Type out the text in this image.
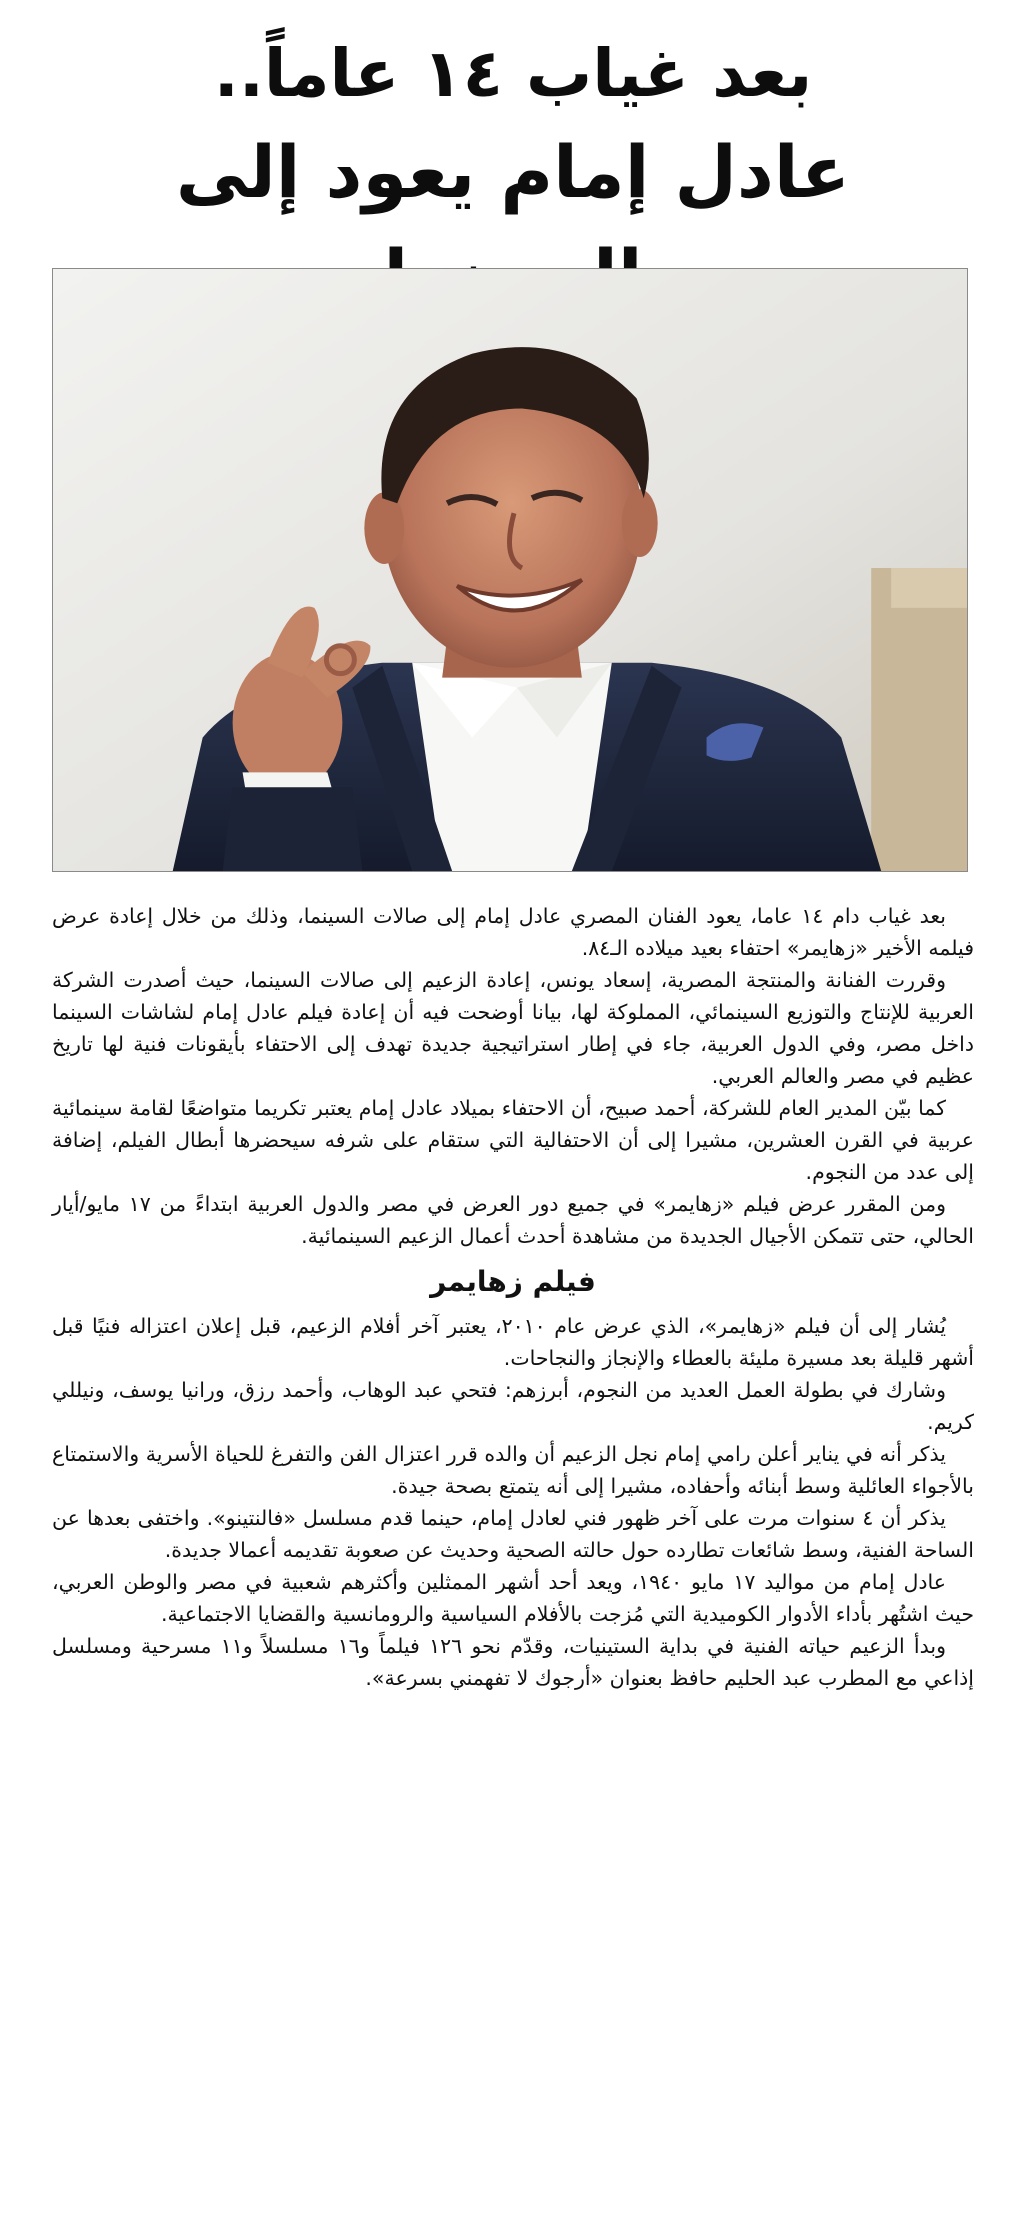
بعد غياب ١٤ عاماً..
عادل إمام يعود إلى

بعد غياب دام ١٤ عاما، يعود الفنان المصري عادل إمام إلى صالات السينما، وذلك من خلال إعادة عرض فيلمه الأخير «زهايمر» احتفاء بعيد ميلاده الـ٨٤.

وقررت الفنانة والمنتجة المصرية، إسعاد يونس، إعادة الزعيم إلى صالات السينما، حيث أصدرت الشركة العربية للإنتاج والتوزيع السينمائي، المملوكة لها، بيانا أوضحت فيه أن إعادة فيلم عادل إمام لشاشات السينما داخل مصر، وفي الدول العربية، جاء في إطار استراتيجية جديدة تهدف إلى الاحتفاء بأيقونات فنية لها تاريخ عظيم في مصر والعالم العربي.

كما بيّن المدير العام للشركة، أحمد صبيح، أن الاحتفاء بميلاد عادل إمام يعتبر تكريما متواضعًا لقامة سينمائية عربية في القرن العشرين، مشيرا إلى أن الاحتفالية التي ستقام على شرفه سيحضرها أبطال الفيلم، إضافة إلى عدد من النجوم.

ومن المقرر عرض فيلم «زهايمر» في جميع دور العرض في مصر والدول العربية ابتداءً من ١٧ مايو/أيار الحالي، حتى تتمكن الأجيال الجديدة من مشاهدة أحدث أعمال الزعيم السينمائية.

فيلم زهايمر

يُشار إلى أن فيلم «زهايمر»، الذي عرض عام ٢٠١٠، يعتبر آخر أفلام الزعيم، قبل إعلان اعتزاله فنيًا قبل أشهر قليلة بعد مسيرة مليئة بالعطاء والإنجاز والنجاحات.

وشارك في بطولة العمل العديد من النجوم، أبرزهم: فتحي عبد الوهاب، وأحمد رزق، ورانيا يوسف، ونيللي كريم.

يذكر أنه في يناير أعلن رامي إمام نجل الزعيم أن والده قرر اعتزال الفن والتفرغ للحياة الأسرية والاستمتاع بالأجواء العائلية وسط أبنائه وأحفاده، مشيرا إلى أنه يتمتع بصحة جيدة.

يذكر أن ٤ سنوات مرت على آخر ظهور فني لعادل إمام، حينما قدم مسلسل «فالنتينو». واختفى بعدها عن الساحة الفنية، وسط شائعات تطارده حول حالته الصحية وحديث عن صعوبة تقديمه أعمالا جديدة.

عادل إمام من مواليد ١٧ مايو ١٩٤٠، ويعد أحد أشهر الممثلين وأكثرهم شعبية في مصر والوطن العربي، حيث اشتُهر بأداء الأدوار الكوميدية التي مُزجت بالأفلام السياسية والرومانسية والقضايا الاجتماعية.

وبدأ الزعيم حياته الفنية في بداية الستينيات، وقدّم نحو ١٢٦ فيلماً و١٦ مسلسلاً و١١ مسرحية ومسلسل إذاعي مع المطرب عبد الحليم حافظ بعنوان «أرجوك لا تفهمني بسرعة».
